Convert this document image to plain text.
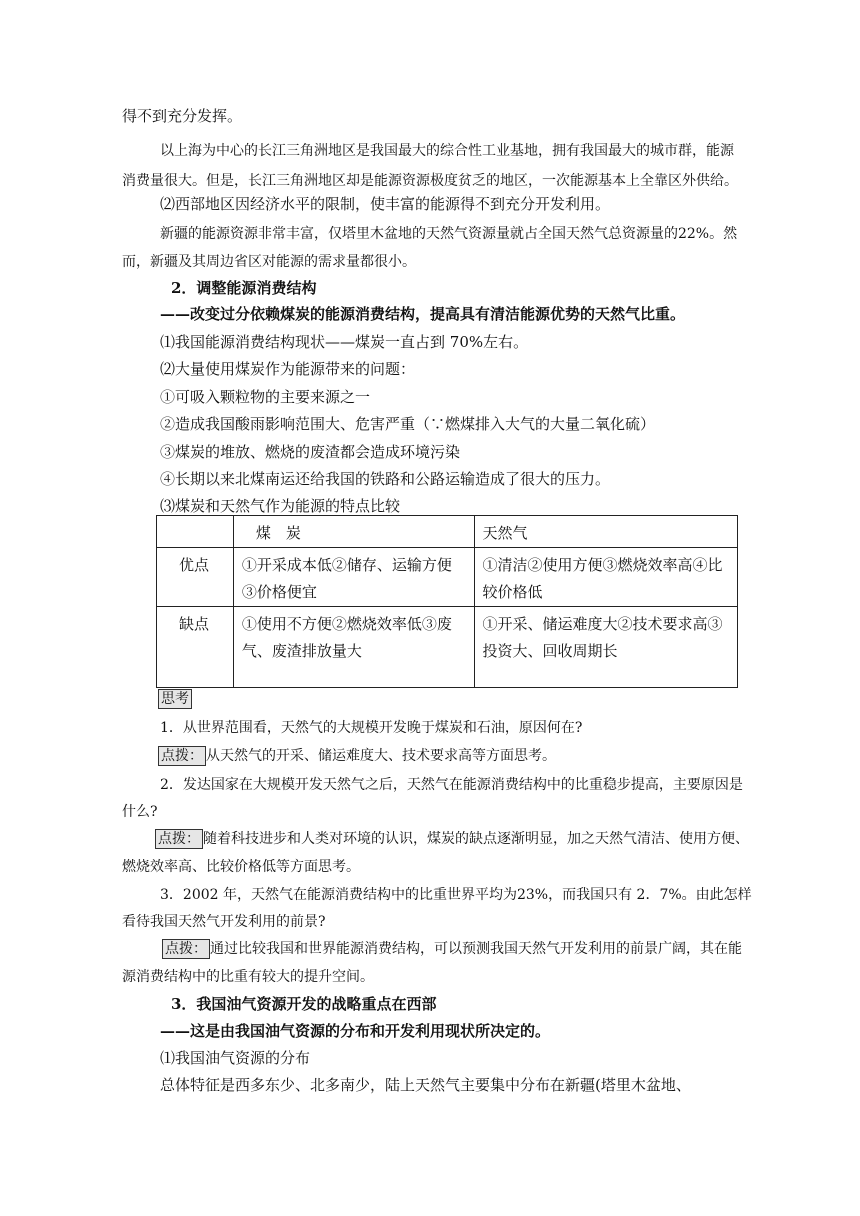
得不到充分发挥。
以上海为中心的长江三角洲地区是我国最大的综合性工业基地，拥有我国最大的城市群，能源
消费量很大。但是，长江三角洲地区却是能源资源极度贫乏的地区，一次能源基本上全靠区外供给。
⑵西部地区因经济水平的限制，使丰富的能源得不到充分开发利用。
新疆的能源资源非常丰富，仅塔里木盆地的天然气资源量就占全国天然气总资源量的22%。然
而，新疆及其周边省区对能源的需求量都很小。
2．调整能源消费结构
——改变过分依赖煤炭的能源消费结构，提高具有清洁能源优势的天然气比重。
⑴我国能源消费结构现状——煤炭一直占到 70%左右。
⑵大量使用煤炭作为能源带来的问题：
①可吸入颗粒物的主要来源之一
②造成我国酸雨影响范围大、危害严重（∵燃煤排入大气的大量二氧化硫）
③煤炭的堆放、燃烧的废渣都会造成环境污染
④长期以来北煤南运还给我国的铁路和公路运输造成了很大的压力。
⑶煤炭和天然气作为能源的特点比较
	煤　炭	天然气
优点	①开采成本低②储存、运输方便③价格便宜	①清洁②使用方便③燃烧效率高④比较价格低
缺点	①使用不方便②燃烧效率低③废气、废渣排放量大	①开采、储运难度大②技术要求高③投资大、回收周期长
思考
1．从世界范围看，天然气的大规模开发晚于煤炭和石油，原因何在?
点拨： 从天然气的开采、储运难度大、技术要求高等方面思考。
2．发达国家在大规模开发天然气之后，天然气在能源消费结构中的比重稳步提高，主要原因是
什么?
点拨： 随着科技进步和人类对环境的认识，煤炭的缺点逐渐明显，加之天然气清洁、使用方便、
燃烧效率高、比较价格低等方面思考。
3．2002 年，天然气在能源消费结构中的比重世界平均为23%，而我国只有 2．7%。由此怎样
看待我国天然气开发利用的前景?
点拨： 通过比较我国和世界能源消费结构，可以预测我国天然气开发利用的前景广阔，其在能
源消费结构中的比重有较大的提升空间。
3．我国油气资源开发的战略重点在西部
——这是由我国油气资源的分布和开发利用现状所决定的。
⑴我国油气资源的分布
总体特征是西多东少、北多南少，陆上天然气主要集中分布在新疆(塔里木盆地、
